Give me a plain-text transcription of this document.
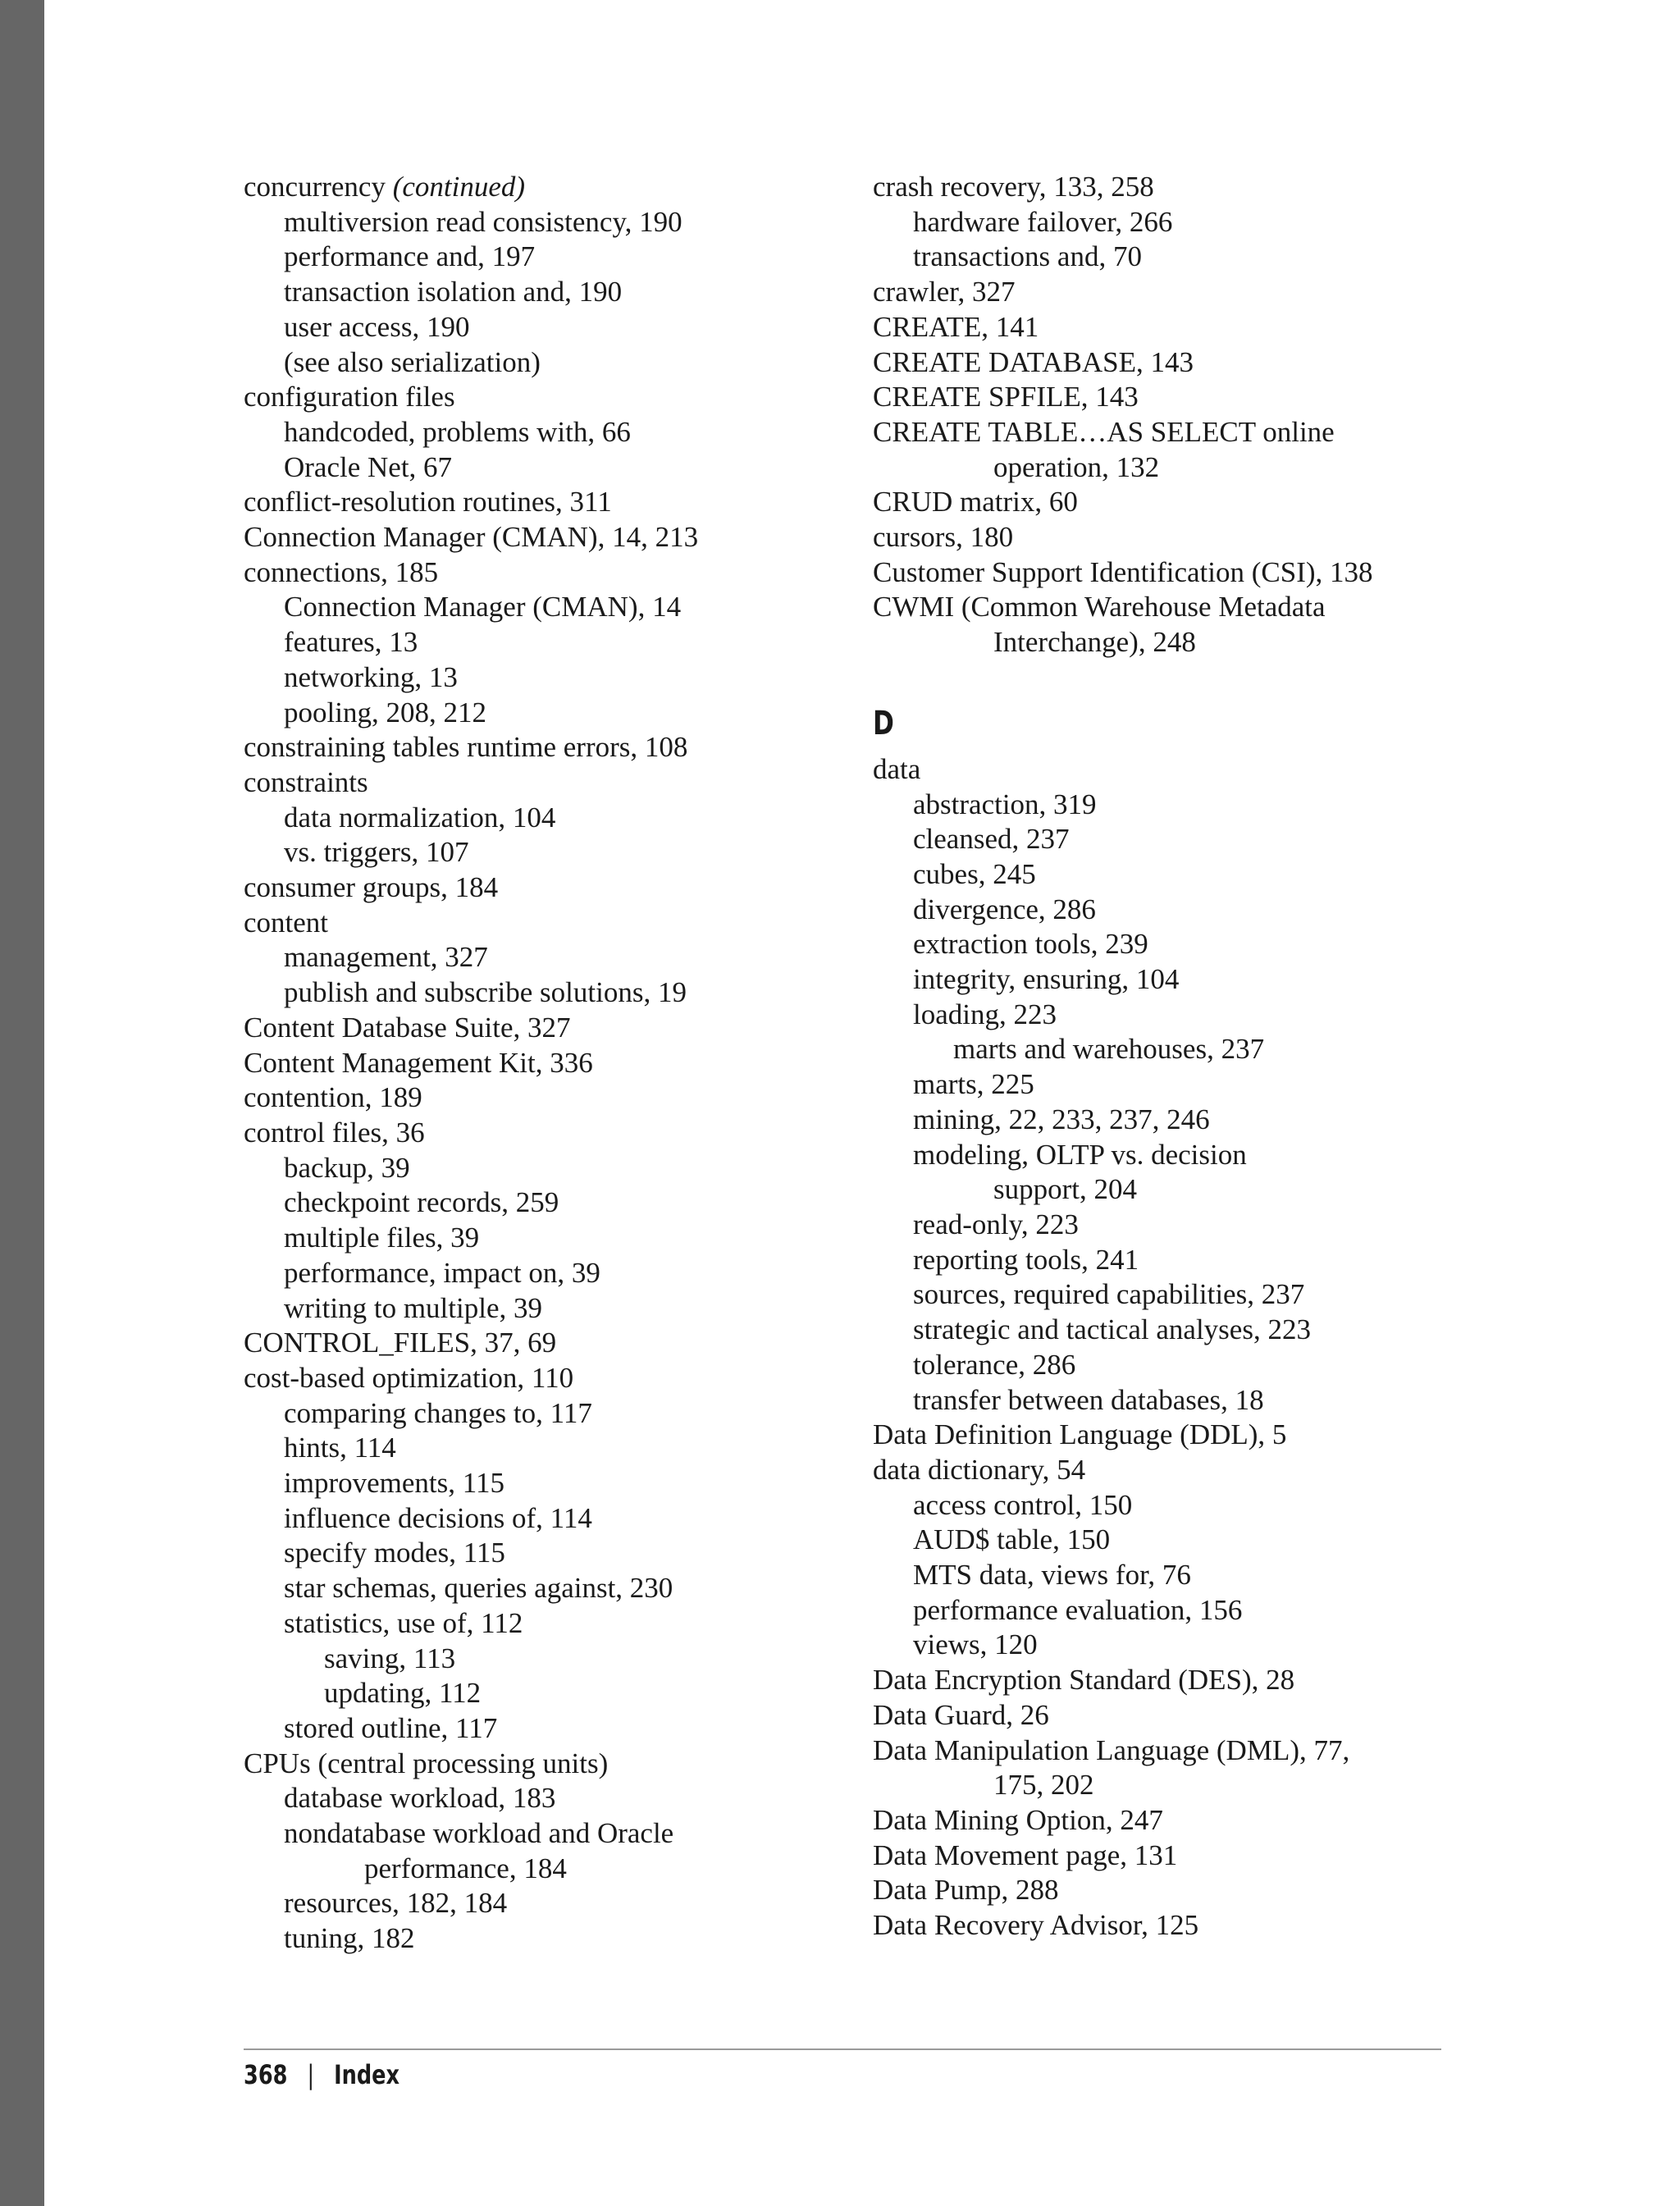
concurrency (continued)
multiversion read consistency, 190
performance and, 197
transaction isolation and, 190
user access, 190
(see also serialization)
configuration files
handcoded, problems with, 66
Oracle Net, 67
conflict-resolution routines, 311
Connection Manager (CMAN), 14, 213
connections, 185
Connection Manager (CMAN), 14
features, 13
networking, 13
pooling, 208, 212
constraining tables runtime errors, 108
constraints
data normalization, 104
vs. triggers, 107
consumer groups, 184
content
management, 327
publish and subscribe solutions, 19
Content Database Suite, 327
Content Management Kit, 336
contention, 189
control files, 36
backup, 39
checkpoint records, 259
multiple files, 39
performance, impact on, 39
writing to multiple, 39
CONTROL_FILES, 37, 69
cost-based optimization, 110
comparing changes to, 117
hints, 114
improvements, 115
influence decisions of, 114
specify modes, 115
star schemas, queries against, 230
statistics, use of, 112
saving, 113
updating, 112
stored outline, 117
CPUs (central processing units)
database workload, 183
nondatabase workload and Oracle
performance, 184
resources, 182, 184
tuning, 182
crash recovery, 133, 258
hardware failover, 266
transactions and, 70
crawler, 327
CREATE, 141
CREATE DATABASE, 143
CREATE SPFILE, 143
CREATE TABLE…AS SELECT online
operation, 132
CRUD matrix, 60
cursors, 180
Customer Support Identification (CSI), 138
CWMI (Common Warehouse Metadata
Interchange), 248
D
data
abstraction, 319
cleansed, 237
cubes, 245
divergence, 286
extraction tools, 239
integrity, ensuring, 104
loading, 223
marts and warehouses, 237
marts, 225
mining, 22, 233, 237, 246
modeling, OLTP vs. decision
support, 204
read-only, 223
reporting tools, 241
sources, required capabilities, 237
strategic and tactical analyses, 223
tolerance, 286
transfer between databases, 18
Data Definition Language (DDL), 5
data dictionary, 54
access control, 150
AUD$ table, 150
MTS data, views for, 76
performance evaluation, 156
views, 120
Data Encryption Standard (DES), 28
Data Guard, 26
Data Manipulation Language (DML), 77,
175, 202
Data Mining Option, 247
Data Movement page, 131
Data Pump, 288
Data Recovery Advisor, 125
368 | Index
